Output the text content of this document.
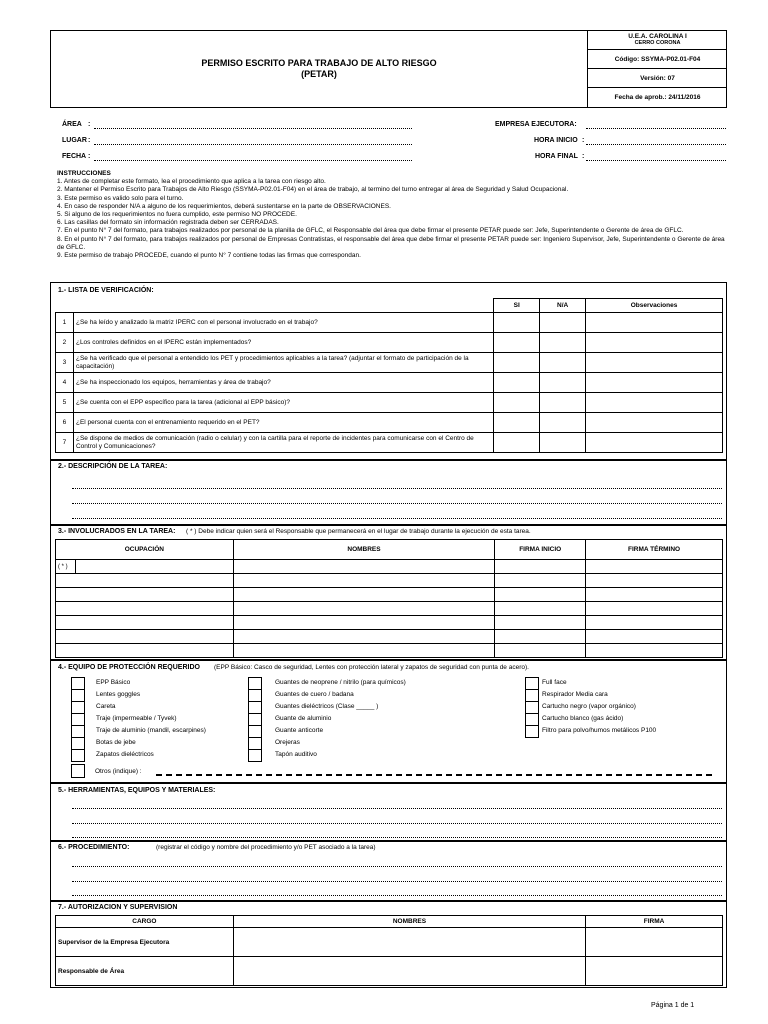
PERMISO ESCRITO PARA TRABAJO DE ALTO RIESGO
(PETAR)
U.E.A. CAROLINA I
CERRO CORONA
Código: SSYMA-P02.01-F04
Versión: 07
Fecha de aprob.: 24/11/2016
ÁREA :
LUGAR :
FECHA :
EMPRESA EJECUTORA:
HORA INICIO :
HORA FINAL :
INSTRUCCIONES
1. Antes de completar este formato, lea el procedimiento que aplica a la tarea con riesgo alto.
2. Mantener el Permiso Escrito para Trabajos de Alto Riesgo (SSYMA-P02.01-F04) en el área de trabajo, al termino del turno entregar al área de Seguridad y Salud Ocupacional.
3. Este permiso es valido solo para el turno.
4. En caso de responder N/A a alguno de los requerimientos, deberá sustentarse en la parte de OBSERVACIONES.
5. Si alguno de los requerimientos no fuera cumplido, este permiso NO PROCEDE.
6. Las casillas del formato sin información registrada deben ser CERRADAS.
7. En el punto N° 7 del formato, para trabajos realizados por personal de la planilla de GFLC, el Responsable del área que debe firmar el presente PETAR puede ser: Jefe, Superintendente o Gerente de área de GFLC.
8. En el punto N° 7 del formato, para trabajos realizados por personal de Empresas Contratistas, el responsable del área que debe firmar el presente PETAR puede ser: Ingeniero Supervisor, Jefe, Superintendente o Gerente de área de GFLC.
9. Este permiso de trabajo PROCEDE, cuando el punto N° 7 contiene todas las firmas que correspondan.
1.- LISTA DE VERIFICACIÓN:
		SI	N/A	Observaciones
1	¿Se ha leído y analizado la matriz IPERC con el personal involucrado en el trabajo?			
2	¿Los controles definidos en el IPERC están implementados?			
3	¿Se ha verificado que el personal a entendido los PET y procedimientos aplicables a la tarea? (adjuntar el formato de participación de la capacitación)			
4	¿Se ha inspeccionado los equipos, herramientas y área de trabajo?			
5	¿Se cuenta con el EPP específico para la tarea (adicional al EPP básico)?			
6	¿El personal cuenta con el entrenamiento requerido en el PET?			
7	¿Se dispone de medios de comunicación (radio o celular) y con la cartilla para el reporte de incidentes para comunicarse con el Centro de Control y Comunicaciones?			
2.- DESCRIPCIÓN DE LA TAREA:
3.- INVOLUCRADOS EN LA TAREA: ( * ) Debe indicar quien será el Responsable que permanecerá en el lugar de trabajo durante la ejecución de esta tarea.
OCUPACIÓN		NOMBRES	FIRMA INICIO	FIRMA TÉRMINO
( * )				

4.- EQUIPO DE PROTECCIÓN REQUERIDO (EPP Básico: Casco de seguridad, Lentes con protección lateral y zapatos de seguridad con punta de acero).
EPP Básico
Lentes goggles
Careta
Traje (impermeable / Tyvek)
Traje de aluminio (mandil, escarpines)
Botas de jebe
Zapatos dieléctricos
Guantes de neoprene / nitrilo (para químicos)
Guantes de cuero / badana
Guantes dieléctricos (Clase _____ )
Guante de aluminio
Guante anticorte
Orejeras
Tapón auditivo
Full face
Respirador Media cara
Cartucho negro (vapor orgánico)
Cartucho blanco (gas ácido)
Filtro para polvo/humos metálicos P100
Otros (indique) :
5.- HERRAMIENTAS, EQUIPOS Y MATERIALES:
6.- PROCEDIMIENTO:	(registrar el código y nombre del procedimiento y/o PET asociado a la tarea)
7.- AUTORIZACION Y SUPERVISION
CARGO	NOMBRES	FIRMA
Supervisor de la Empresa Ejecutora		
Responsable de Área		
Página 1 de 1
